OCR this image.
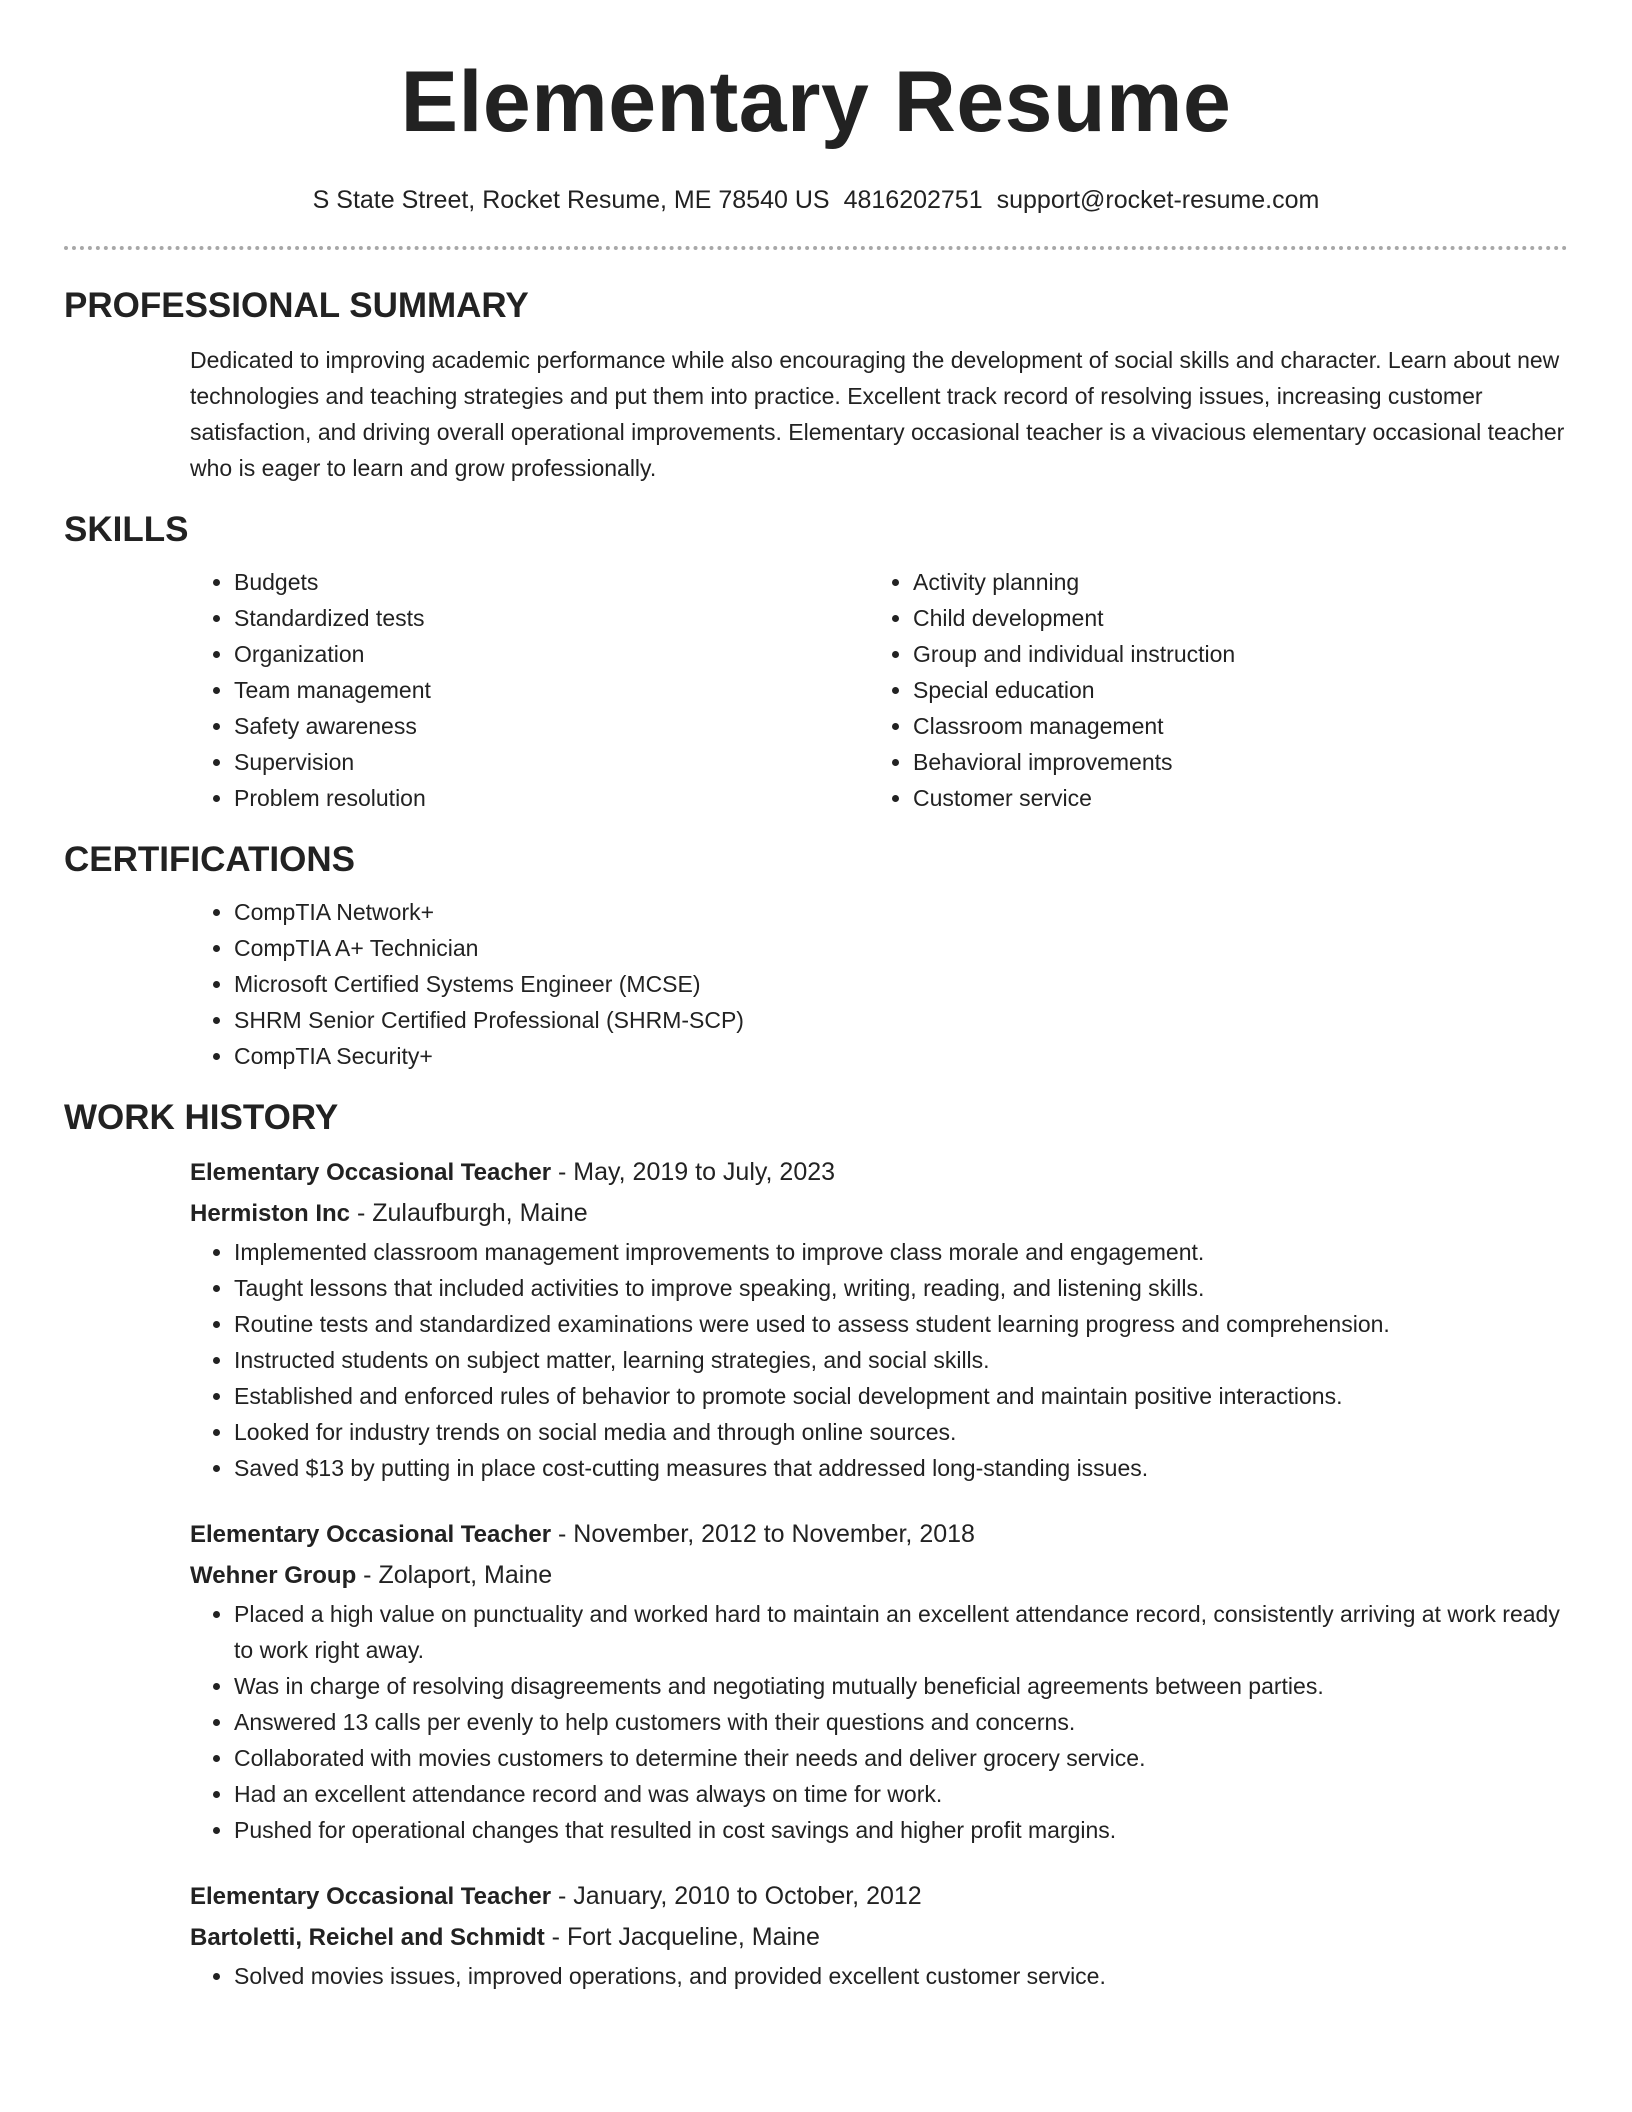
Elementary Resume
S State Street, Rocket Resume, ME 78540 US 4816202751 support@rocket-resume.com
PROFESSIONAL SUMMARY

Dedicated to improving academic performance while also encouraging the development of social skills and character. Learn about new technologies and teaching strategies and put them into practice. Excellent track record of resolving issues, increasing customer satisfaction, and driving overall operational improvements. Elementary occasional teacher is a vivacious elementary occasional teacher who is eager to learn and grow professionally.

SKILLS
• Budgets
• Standardized tests
• Organization
• Team management
• Safety awareness
• Supervision
• Problem resolution
• Activity planning
• Child development
• Group and individual instruction
• Special education
• Classroom management
• Behavioral improvements
• Customer service
CERTIFICATIONS
• CompTIA Network+
• CompTIA A+ Technician
• Microsoft Certified Systems Engineer (MCSE)
• SHRM Senior Certified Professional (SHRM-SCP)
• CompTIA Security+
WORK HISTORY
Elementary Occasional Teacher - May, 2019 to July, 2023
Hermiston Inc - Zulaufburgh, Maine
• Implemented classroom management improvements to improve class morale and engagement.
• Taught lessons that included activities to improve speaking, writing, reading, and listening skills.
• Routine tests and standardized examinations were used to assess student learning progress and comprehension.
• Instructed students on subject matter, learning strategies, and social skills.
• Established and enforced rules of behavior to promote social development and maintain positive interactions.
• Looked for industry trends on social media and through online sources.
• Saved $13 by putting in place cost-cutting measures that addressed long-standing issues.
Elementary Occasional Teacher - November, 2012 to November, 2018
Wehner Group - Zolaport, Maine
• Placed a high value on punctuality and worked hard to maintain an excellent attendance record, consistently arriving at work ready to work right away.
• Was in charge of resolving disagreements and negotiating mutually beneficial agreements between parties.
• Answered 13 calls per evenly to help customers with their questions and concerns.
• Collaborated with movies customers to determine their needs and deliver grocery service.
• Had an excellent attendance record and was always on time for work.
• Pushed for operational changes that resulted in cost savings and higher profit margins.
Elementary Occasional Teacher - January, 2010 to October, 2012
Bartoletti, Reichel and Schmidt - Fort Jacqueline, Maine
• Solved movies issues, improved operations, and provided excellent customer service.
